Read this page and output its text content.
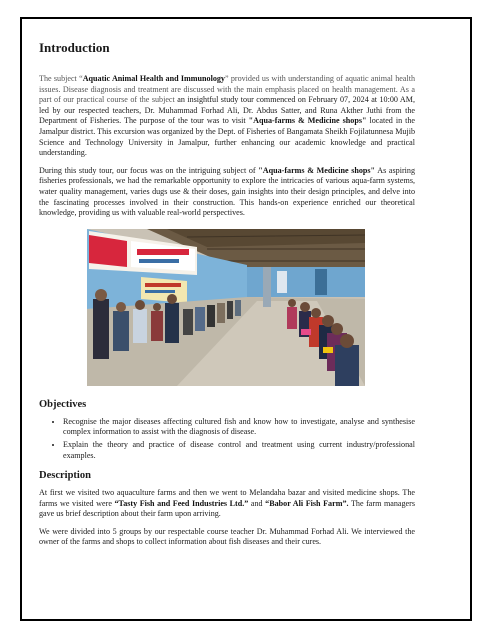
Introduction

The subject “Aquatic Animal Health and Immunology” provided us with understanding of aquatic animal health issues. Disease diagnosis and treatment are discussed with the main emphasis placed on health management. As a part of our practical course of the subject an insightful study tour commenced on February 07, 2024 at 10:00 AM, led by our respected teachers, Dr. Muhammad Forhad Ali, Dr. Abdus Satter, and Runa Akther Juthi from the Department of Fisheries. The purpose of the tour was to visit "Aqua-farms & Medicine shops" located in the Jamalpur district. This excursion was organized by the Dept. of Fisheries of Bangamata Sheikh Fojilatunnesa Mujib Science and Technology University in Jamalpur, further enhancing our academic knowledge and practical understanding.

During this study tour, our focus was on the intriguing subject of "Aqua-farms & Medicine shops" As aspiring fisheries professionals, we had the remarkable opportunity to explore the intricacies of various aqua-farm systems, water quality management, varies dugs use & their doses, gain insights into their design principles, and delve into the fascinating processes involved in their construction. This hands-on experience enriched our theoretical knowledge, providing us with valuable real-world perspectives.

Objectives
• Recognise the major diseases affecting cultured fish and know how to investigate, analyse and synthesise complex information to assist with the diagnosis of disease.
• Explain the theory and practice of disease control and treatment using current industry/professional examples.
Description

At first we visited two aquaculture farms and then we went to Melandaha bazar and visited medicine shops. The farms we visited were “Tasty Fish and Feed Industries Ltd.” and “Babor Ali Fish Farm”. The farm managers gave us brief description about their farm upon arriving.

We were divided into 5 groups by our respectable course teacher Dr. Muhammad Forhad Ali. We interviewed the owner of the farms and shops to collect information about fish diseases and their cures.
